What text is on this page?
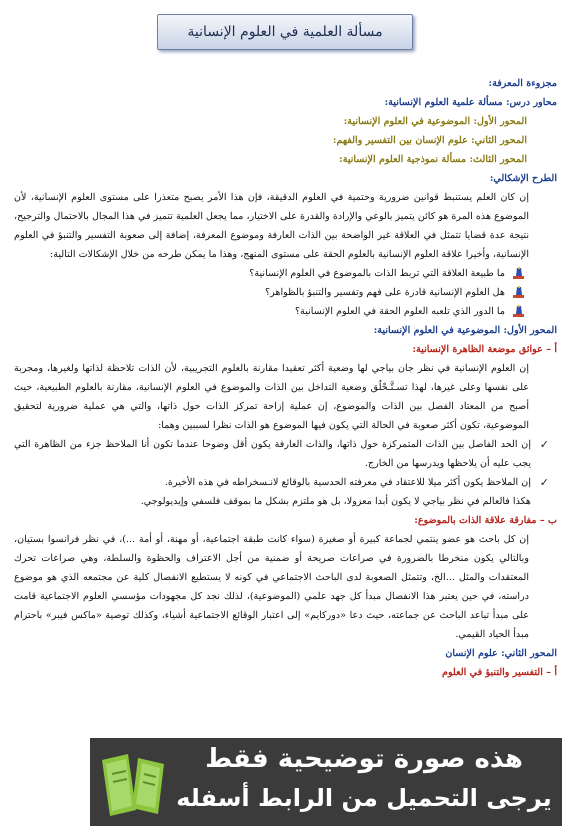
مسألة العلمية في العلوم الإنسانية

مجزوءة المعرفة:

محاور درس: مسألة علمية العلوم الإنسانية:

المحور الأول: الموضوعية في العلوم الإنسانية:

المحور الثاني: علوم الإنسان بين التفسير والفهم:

المحور الثالث: مسألة نموذجية العلوم الإنسانية:

الطرح الإشكالي:

إن كان العلم يستنبط قوانين ضرورية وحتمية في العلوم الدقيقة، فإن هذا الأمر يصبح متعذرا على مستوى العلوم الإنسانية، لأن الموضوع هذه المرة هو كائن يتميز بالوعي والإرادة والقدرة على الاختيار، مما يجعل العلمية تتميز في هذا المجال بالاحتمال والترجيح، نتيجة عدة قضايا تتمثل في العلاقة غير الواضحة بين الذات العارفة وموضوع المعرفة، إضافة إلى صعوبة التفسير والتنبؤ في العلوم الإنسانية، وأخيرا علاقة العلوم الإنسانية بالعلوم الحقة على مستوى المنهج، وهذا ما يمكن طرحه من خلال الإشكالات التالية:

ما طبيعة العلاقة التي تربط الذات بالموضوع في العلوم الإنسانية؟
هل العلوم الإنسانية قادرة على فهم وتفسير والتنبؤ بالظواهر؟
ما الدور الذي تلعبه العلوم الحقة في العلوم الإنسانية؟

المحور الأول: الموضوعية في العلوم الإنسانية:

أ – عوائق موضعة الظاهرة الإنسانية:

إن العلوم الإنسانية في نظر جان بياجي لها وضعية أكثر تعقيدا مقارنة بالعلوم التجريبية، لأن الذات تلاحظة لذاتها ولغيرها، ومجربة على نفسها وعلى غيرها، لهذا تسـتَّـحْلُق وضعية التداخل بين الذات والموضوع في العلوم الإنسانية، مقارنة بالعلوم الطبيعية، حيث أصبح من المعتاد الفصل بين الذات والموضوع، إن عملية إزاحة تمركز الذات حول ذاتها، والتي هي عملية ضرورية لتحقيق الموضوعية، تكون أكثر صعوبة في الحالة التي يكون فيها الموضوع هو الذات نظرا لسببين وهما:

✓
إن الحد الفاصل بين الذات المتمركزة حول ذاتها، والذات العارفة يكون أقل وضوحا عندما تكون أنا الملاحظ جزء من الظاهرة التي يجب عليه أن يلاحظها ويدرسها من الخارج.
✓
إن الملاحظ يكون أكثر ميلا للاعتقاد في معرفته الحدسية بالوقائع لانـسخراطه في هذه الأخيرة.

هكذا فالعالم في نظر بياجي لا يكون أبدا معزولا، بل هو ملتزم بشكل ما بموقف فلسفي وإيديولوجي.

ب – مفارقة علاقة الذات بالموضوع:

إن كل باحث هو عضو ينتمي لجماعة كبيرة أو صغيرة (سواء كانت طبقة اجتماعية، أو مهنة، أو أمة ...)، في نظر فرانسوا بستيان، وبالتالي يكون منخرطا بالضرورة في صراعات صريحة أو ضمنية من أجل الاعتراف والحظوة والسلطة، وهي صراعات تحرك المعتقدات والمثل ...الخ، وتتمثل الصعوبة لدى الباحث الاجتماعي في كونه لا يستطيع الانفصال كلية عن مجتمعه الذي هو موضوع دراسته، في حين يعتبر هذا الانفصال مبدأ كل جهد علمي (الموضوعية)، لذلك نجد كل مجهودات مؤسسي العلوم الاجتماعية قامت على مبدأ تباعد الباحث عن جماعته، حيث دعا «دوركايم» إلى اعتبار الوقائع الاجتماعية أشياء، وكذلك توصية «ماكس فيبر» باحترام مبدأ الحياد القيمي.

المحور الثاني: علوم الإنسان

أ – التفسير والتنبؤ في العلوم

هذه صورة توضيحية فقط
يرجى التحميل من الرابط أسفله
